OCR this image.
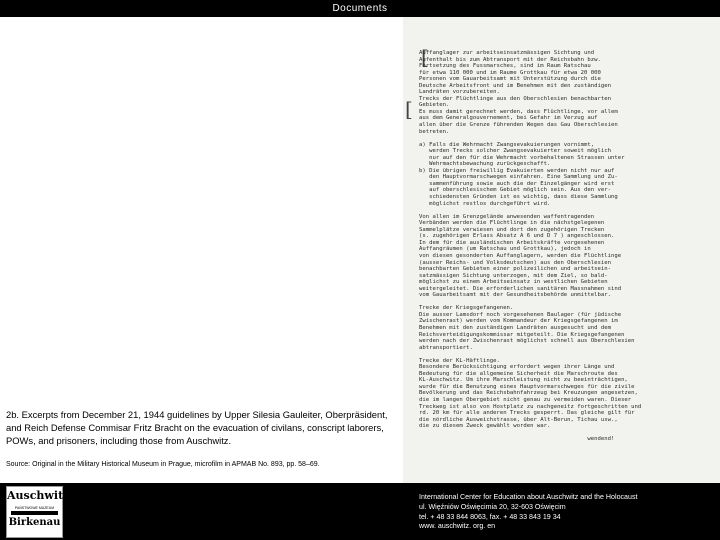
Documents
2b. Excerpts from December 21, 1944 guidelines by Upper Silesia Gauleiter, Oberpräsident, and Reich Defense Commisar Fritz Bracht on the evacuation of civilans, conscript laborers, POWs, and prisoners, including those from Auschwitz.
Source: Original in the Military Historical Museum in Prague, microfilm in APMAB No. 893, pp. 58–69.
[
[
Auffanglager zur arbeitseinsatzmässigen Sichtung und
Aufenthalt bis zum Abtransport mit der Reichsbahn bzw.
Fortsetzung des Fussmarsches, sind im Raum Ratschau
für etwa 110 000 und im Raume Grottkau für etwa 20 000
Personen vom Gauarbeitsamt mit Unterstützung durch die
Deutsche Arbeitsfront und im Benehmen mit den zuständigen
Landräten vorzubereiten.
Trecks der Flüchtlinge aus den Oberschlesien benachbarten
Gebieten.
Es muss damit gerechnet werden, dass Flüchtlinge, vor allem
aus dem Generalgouvernement, bei Gefahr im Verzug auf
allen über die Grenze führenden Wegen das Gau Oberschlesien
betreten.

a) Falls die Wehrmacht Zwangsevakuierungen vornimmt,
werden Trecks solcher Zwangsevakuierter soweit möglich
nur auf den für die Wehrmacht vorbehaltenen Strassen unter
Wehrmachtsbewachung zurückgeschafft.
b) Die übrigen freiwillig Evakuierten werden nicht nur auf
den Hauptvormarschwegen einfahren. Eine Sammlung und Zu-
sammenführung sowie auch die der Einzelgänger wird erst
auf oberschlesischem Gebiet möglich sein. Aus den ver-
schiedensten Gründen ist es wichtig, dass diese Sammlung
möglichst restlos durchgeführt wird.

Von allen im Grenzgelände anwesenden waffentragenden
Verbänden werden die Flüchtlinge in die nächstgelegenen
Sammelplätze verwiesen und dort den zugehörigen Trecken
(s. zugehörigen Erlass Absatz A 6 und D 7 ) angeschlossen.
In dem für die ausländischen Arbeitskräfte vorgesehenen
Auffangräumen (um Ratschau und Grottkau), jedoch in
von diesen gesonderten Auffanglagern, werden die Flüchtlinge
(ausser Reichs- und Volksdeutschen) aus den Oberschlesien
benachbarten Gebieten einer polizeilichen und arbeitsein-
satzmässigen Sichtung unterzogen, mit dem Ziel, so bald-
möglichst zu einem Arbeitseinsatz in westlichen Gebieten
weitergeleitet. Die erforderlichen sanitären Massnahmen sind
vom Gauarbeitsamt mit der Gesundheitsbehörde unmittelbar.

Trecke der Kriegsgefangenen.
Die ausser Lamsdorf noch vorgesehenen Baulager (für jüdische
Zwischenrast) werden vom Kommandeur der Kriegsgefangenen im
Benehmen mit den zuständigen Landräten ausgesucht und dem
Reichsverteidigungskommissar mitgeteilt. Die Kriegsgefangenen
werden nach der Zwischenrast möglichst schnell aus Oberschlesien
abtransportiert.

Trecke der KL-Häftlinge.
Besondere Berücksichtigung erfordert wegen ihrer Länge und
Bedeutung für die allgemeine Sicherheit die Marschroute des
KL-Auschwitz. Um ihre Marschleistung nicht zu beeinträchtigen,
wurde für die Benutzung eines Hauptvormarschweges für die zivile
Bevölkerung und das Reichsbahnfahrzeug bei Kreuzungen angesetzen,
die im langen Obergebiet nicht genau zu vermeiden waren. Dieser
Treckweg ist also von Hostplatz zu nachgeneitz fortgeschritten und
rd. 20 km für alle anderen Trecks gesperrt. Das gleiche gilt für
die nördliche Ausweichstrasse, über Alt-Berun, Tichau usw.,
die zu diesem Zweck gewählt worden war.

wendend!
Auschwitz
PAŃSTWOWE MUZEUM
Birkenau
International Center for Education about Auschwitz and the Holocaust
ul. Więźniów Oświęcimia 20, 32-603 Oświęcim
tel. + 48 33 844 8063, fax. + 48 33 843 19 34
www. auschwitz. org. en
